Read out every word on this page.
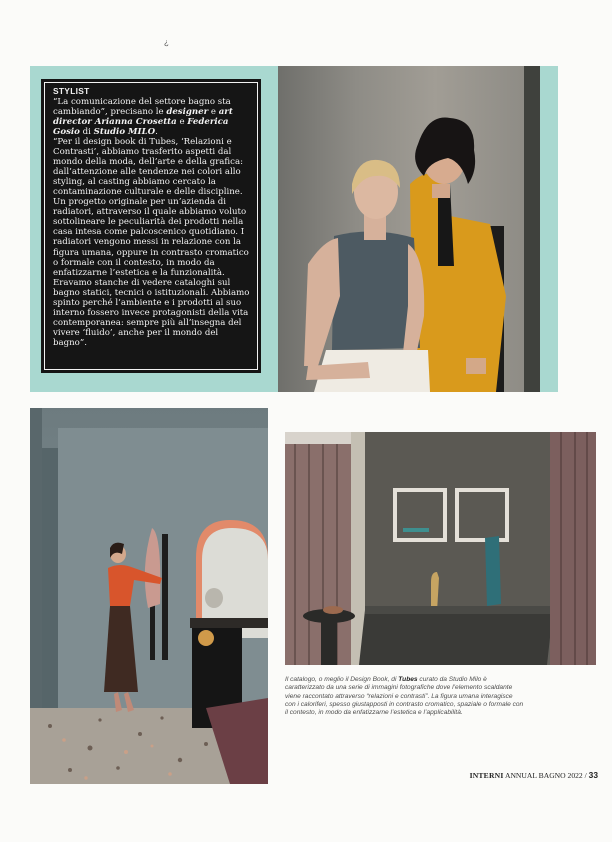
¿
STYLIST

“La comunicazione del settore bagno sta cambiando”, precisano le designer e art director Arianna Crosetta e Federica Gosio di Studio MILO.

“Per il design book di Tubes, ‘Relazioni e Contrasti’, abbiamo trasferito aspetti dal mondo della moda, dell’arte e della grafica: dall’attenzione alle tendenze nei colori allo styling, al casting abbiamo cercato la contaminazione culturale e delle discipline. Un progetto originale per un’azienda di radiatori, attraverso il quale abbiamo voluto sottolineare le peculiarità dei prodotti nella casa intesa come palcoscenico quotidiano. I radiatori vengono messi in relazione con la figura umana, oppure in contrasto cromatico o formale con il contesto, in modo da enfatizzarne l’estetica e la funzionalità. Eravamo stanche di vedere cataloghi sul bagno statici, tecnici o istituzionali. Abbiamo spinto perché l’ambiente e i prodotti al suo interno fossero invece protagonisti della vita contemporanea: sempre più all’insegna del vivere ‘fluido’, anche per il mondo del bagno”.

Il catalogo, o meglio il Design Book, di Tubes curato da Studio Milo è caratterizzato da una serie di immagini fotografiche dove l’elemento scaldante viene raccontato attraverso “relazioni e contrasti”. La figura umana interagisce con i caloriferi, spesso giustapposti in contrasto cromatico, spaziale o formale con il contesto, in modo da enfatizzarne l’estetica e l’applicabilità.
INTERNI ANNUAL BAGNO 2022 / 33
